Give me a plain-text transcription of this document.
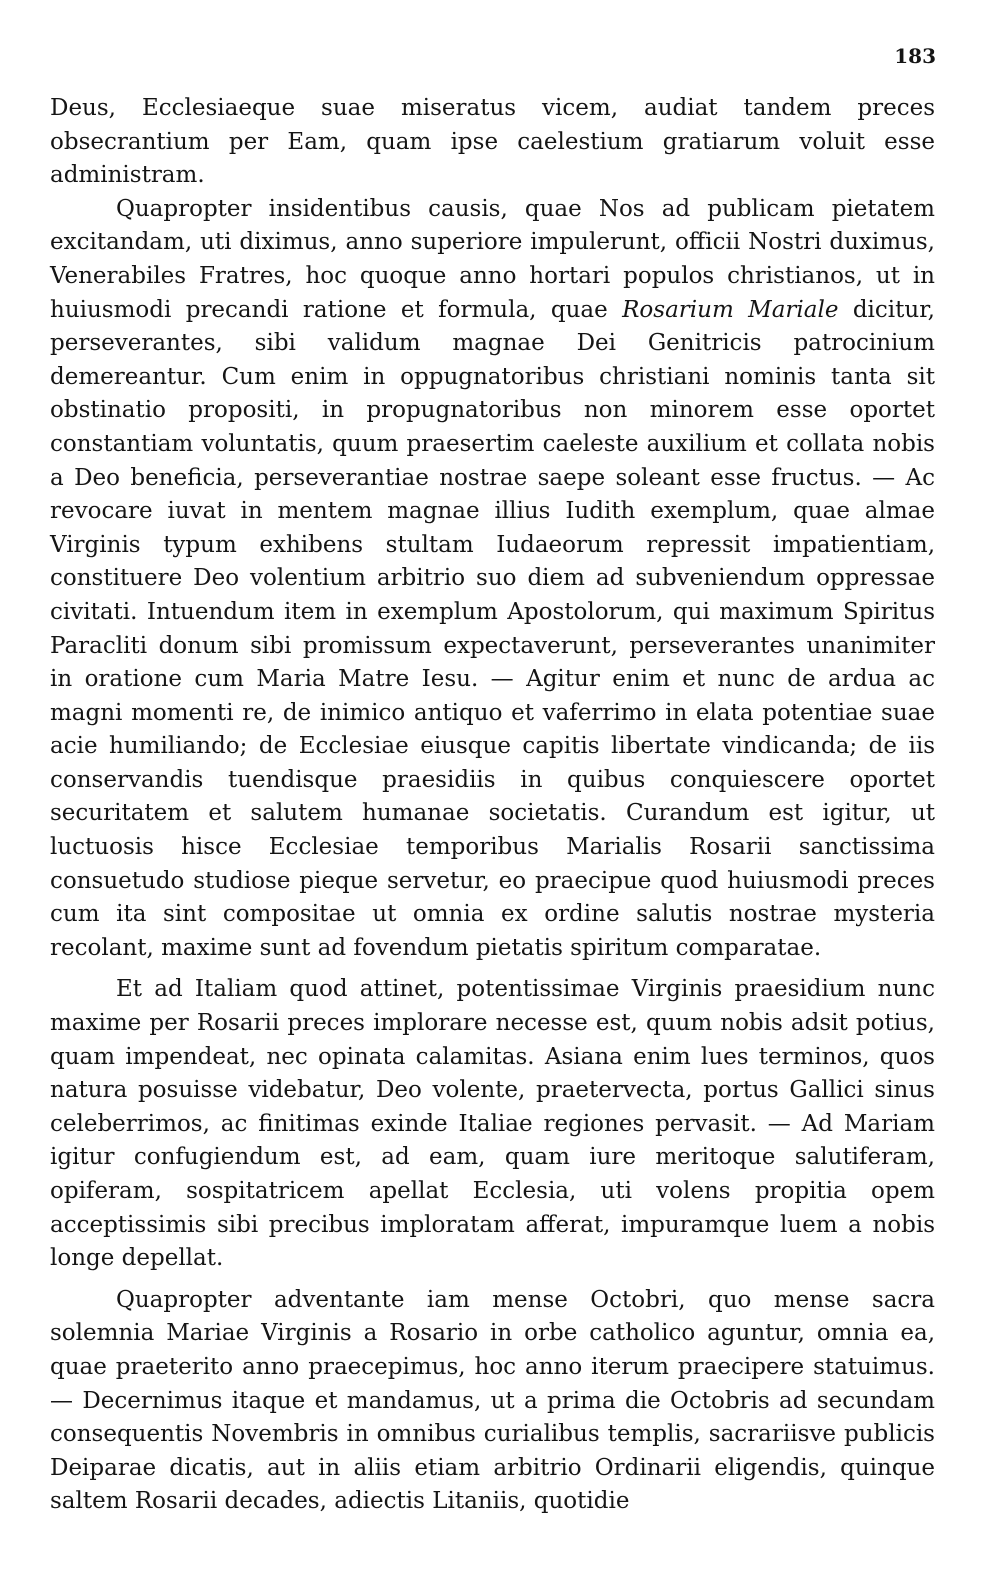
183

Deus, Ecclesiaeque suae miseratus vicem, audiat tandem preces obsecrantium per Eam, quam ipse caelestium gratiarum voluit esse administram.

Quapropter insidentibus causis, quae Nos ad publicam pietatem excitandam, uti diximus, anno superiore impulerunt, officii Nostri duximus, Venerabiles Fratres, hoc quoque anno hortari populos christianos, ut in huiusmodi precandi ratione et formula, quae Rosarium Mariale dicitur, perseverantes, sibi validum magnae Dei Genitricis patrocinium demereantur. Cum enim in oppugnatoribus christiani nominis tanta sit obstinatio propositi, in propugnatoribus non minorem esse oportet constantiam voluntatis, quum praesertim caeleste auxilium et collata nobis a Deo beneficia, perseverantiae nostrae saepe soleant esse fructus. — Ac revocare iuvat in mentem magnae illius Iudith exemplum, quae almae Virginis typum exhibens stultam Iudaeorum repressit impatientiam, constituere Deo volentium arbitrio suo diem ad subveniendum oppressae civitati. Intuendum item in exemplum Apostolorum, qui maximum Spiritus Paracliti donum sibi promissum expectaverunt, perseverantes unanimiter in oratione cum Maria Matre Iesu. — Agitur enim et nunc de ardua ac magni momenti re, de inimico antiquo et vaferrimo in elata potentiae suae acie humiliando; de Ecclesiae eiusque capitis libertate vindicanda; de iis conservandis tuendisque praesidiis in quibus conquiescere oportet securitatem et salutem humanae societatis. Curandum est igitur, ut luctuosis hisce Ecclesiae temporibus Marialis Rosarii sanctissima consuetudo studiose pieque servetur, eo praecipue quod huiusmodi preces cum ita sint compositae ut omnia ex ordine salutis nostrae mysteria recolant, maxime sunt ad fovendum pietatis spiritum comparatae.

Et ad Italiam quod attinet, potentissimae Virginis praesidium nunc maxime per Rosarii preces implorare necesse est, quum nobis adsit potius, quam impendeat, nec opinata calamitas. Asiana enim lues terminos, quos natura posuisse videbatur, Deo volente, praetervecta, portus Gallici sinus celeberrimos, ac finitimas exinde Italiae regiones pervasit. — Ad Mariam igitur confugiendum est, ad eam, quam iure meritoque salutiferam, opiferam, sospitatricem apellat Ecclesia, uti volens propitia opem acceptissimis sibi precibus imploratam afferat, impuramque luem a nobis longe depellat.

Quapropter adventante iam mense Octobri, quo mense sacra solemnia Mariae Virginis a Rosario in orbe catholico aguntur, omnia ea, quae praeterito anno praecepimus, hoc anno iterum praecipere statuimus. — Decernimus itaque et mandamus, ut a prima die Octobris ad secundam consequentis Novembris in omnibus curialibus templis, sacrariisve publicis Deiparae dicatis, aut in aliis etiam arbitrio Ordinarii eligendis, quinque saltem Rosarii decades, adiectis Litaniis, quotidie
